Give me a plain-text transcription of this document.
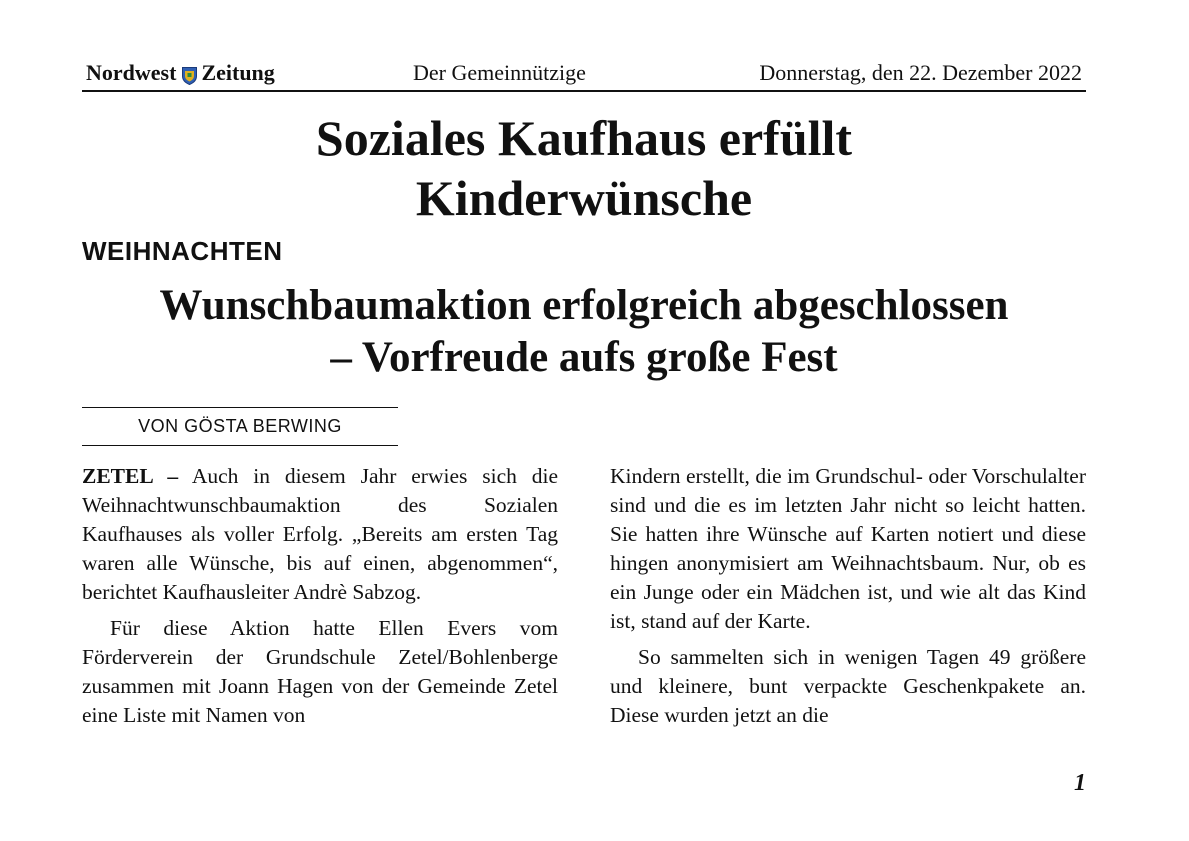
Nordwest Zeitung	Der Gemeinnützige	Donnerstag, den 22. Dezember 2022
Soziales Kaufhaus erfüllt
Kinderwünsche
WEIHNACHTEN
Wunschbaumaktion erfolgreich abgeschlossen
– Vorfreude aufs große Fest
VON GÖSTA BERWING

ZETEL – Auch in diesem Jahr erwies sich die Weihnachtwunschbaumaktion des Sozialen Kaufhauses als voller Erfolg. „Bereits am ersten Tag waren alle Wünsche, bis auf einen, abgenommen“, berichtet Kaufhausleiter Andrè Sabzog.

Für diese Aktion hatte Ellen Evers vom Förderverein der Grundschule Zetel/Bohlenberge zusammen mit Joann Hagen von der Gemeinde Zetel eine Liste mit Namen von

Kindern erstellt, die im Grundschul- oder Vorschulalter sind und die es im letzten Jahr nicht so leicht hatten. Sie hatten ihre Wünsche auf Karten notiert und diese hingen anonymisiert am Weihnachtsbaum. Nur, ob es ein Junge oder ein Mädchen ist, und wie alt das Kind ist, stand auf der Karte.

So sammelten sich in wenigen Tagen 49 größere und kleinere, bunt verpackte Geschenkpakete an. Diese wurden jetzt an die

1
